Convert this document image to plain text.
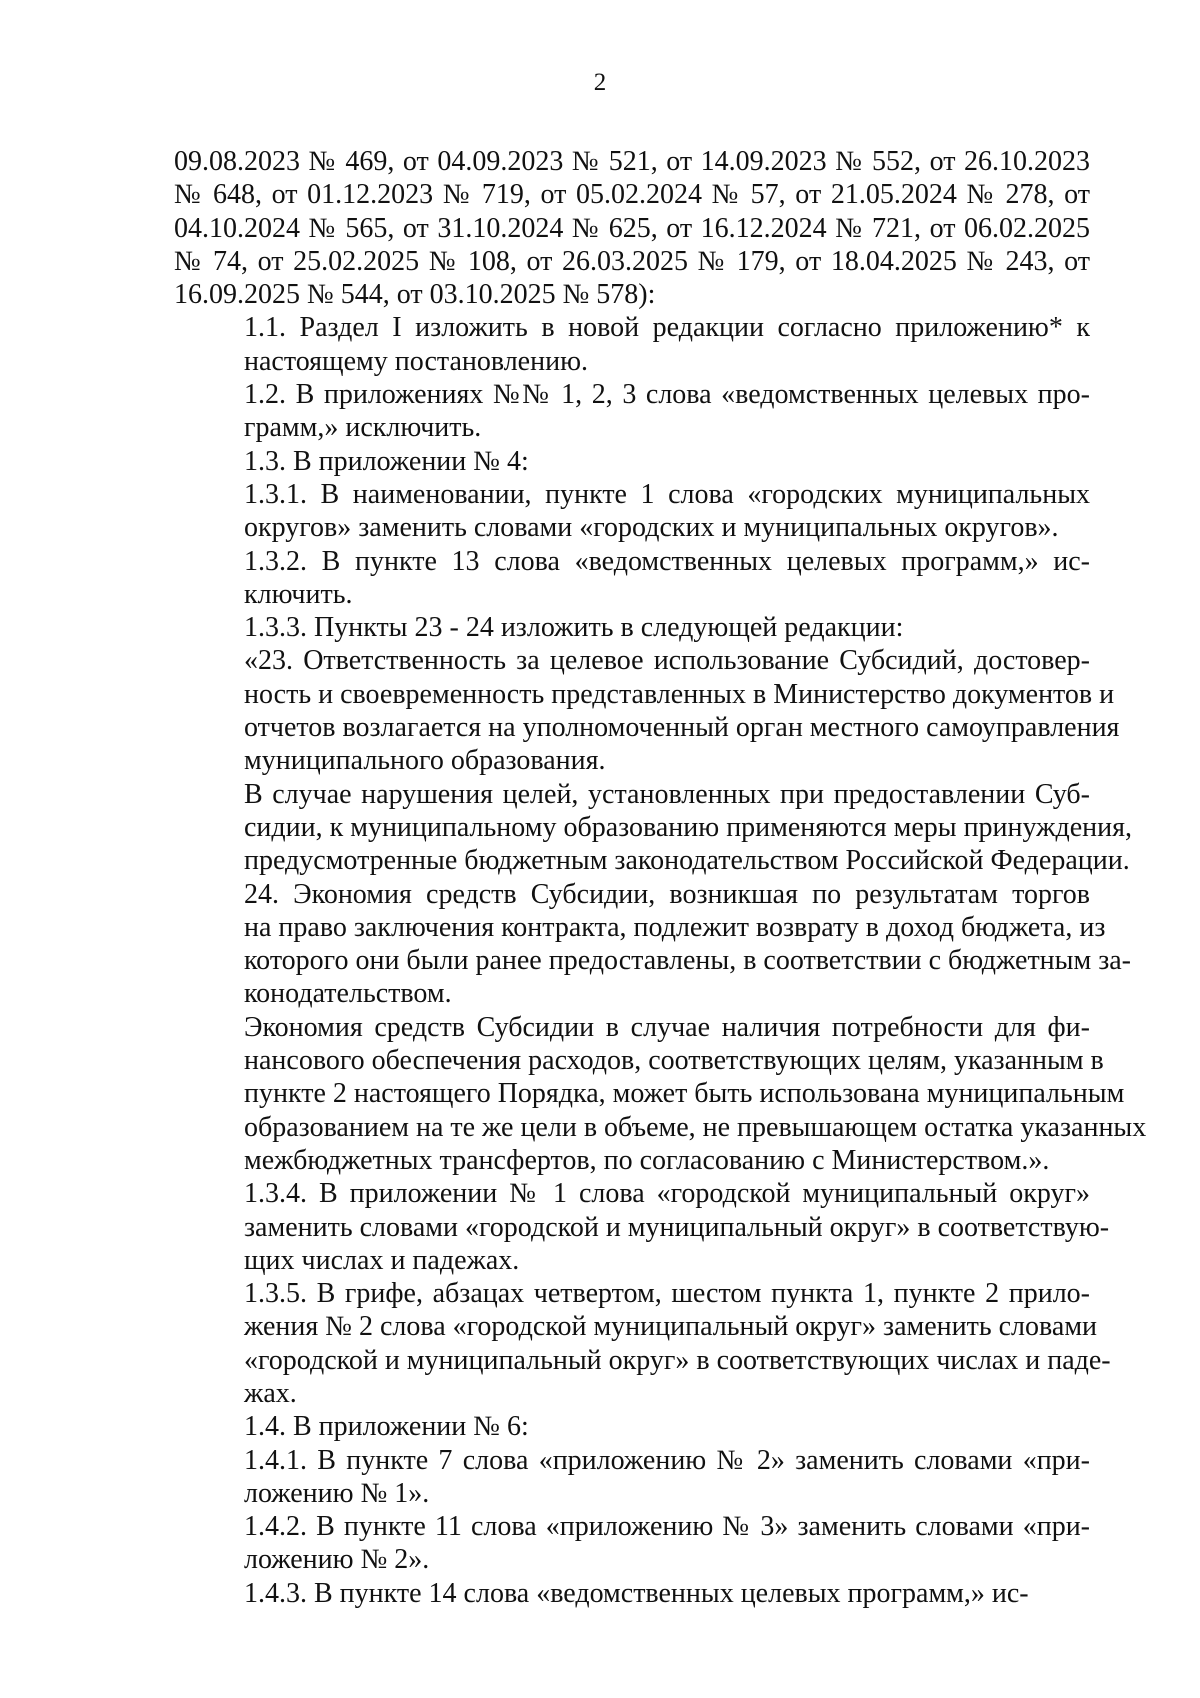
2
09.08.2023 № 469, от 04.09.2023 № 521, от 14.09.2023 № 552, от 26.10.2023
№ 648, от 01.12.2023 № 719, от 05.02.2024 № 57, от 21.05.2024 № 278, от
04.10.2024 № 565, от 31.10.2024 № 625, от 16.12.2024 № 721, от 06.02.2025
№ 74, от 25.02.2025 № 108, от 26.03.2025 № 179, от 18.04.2025 № 243, от
16.09.2025 № 544, от 03.10.2025 № 578):
1.1. Раздел I изложить в новой редакции согласно приложению* к
настоящему постановлению.
1.2. В приложениях №№ 1, 2, 3 слова «ведомственных целевых про-
грамм,» исключить.
1.3. В приложении № 4:
1.3.1. В наименовании, пункте 1 слова «городских муниципальных
округов» заменить словами «городских и муниципальных округов».
1.3.2. В пункте 13 слова «ведомственных целевых программ,» ис-
ключить.
1.3.3. Пункты 23 - 24 изложить в следующей редакции:
«23. Ответственность за целевое использование Субсидий, достовер-
ность и своевременность представленных в Министерство документов и
отчетов возлагается на уполномоченный орган местного самоуправления
муниципального образования.
В случае нарушения целей, установленных при предоставлении Суб-
сидии, к муниципальному образованию применяются меры принуждения,
предусмотренные бюджетным законодательством Российской Федерации.
24. Экономия средств Субсидии, возникшая по результатам торгов
на право заключения контракта, подлежит возврату в доход бюджета, из
которого они были ранее предоставлены, в соответствии с бюджетным за-
конодательством.
Экономия средств Субсидии в случае наличия потребности для фи-
нансового обеспечения расходов, соответствующих целям, указанным в
пункте 2 настоящего Порядка, может быть использована муниципальным
образованием на те же цели в объеме, не превышающем остатка указанных
межбюджетных трансфертов, по согласованию с Министерством.».
1.3.4. В приложении № 1 слова «городской муниципальный округ»
заменить словами «городской и муниципальный округ» в соответствую-
щих числах и падежах.
1.3.5. В грифе, абзацах четвертом, шестом пункта 1, пункте 2 прило-
жения № 2 слова «городской муниципальный округ» заменить словами
«городской и муниципальный округ» в соответствующих числах и паде-
жах.
1.4. В приложении № 6:
1.4.1. В пункте 7 слова «приложению № 2» заменить словами «при-
ложению № 1».
1.4.2. В пункте 11 слова «приложению № 3» заменить словами «при-
ложению № 2».
1.4.3. В пункте 14 слова «ведомственных целевых программ,» ис-
